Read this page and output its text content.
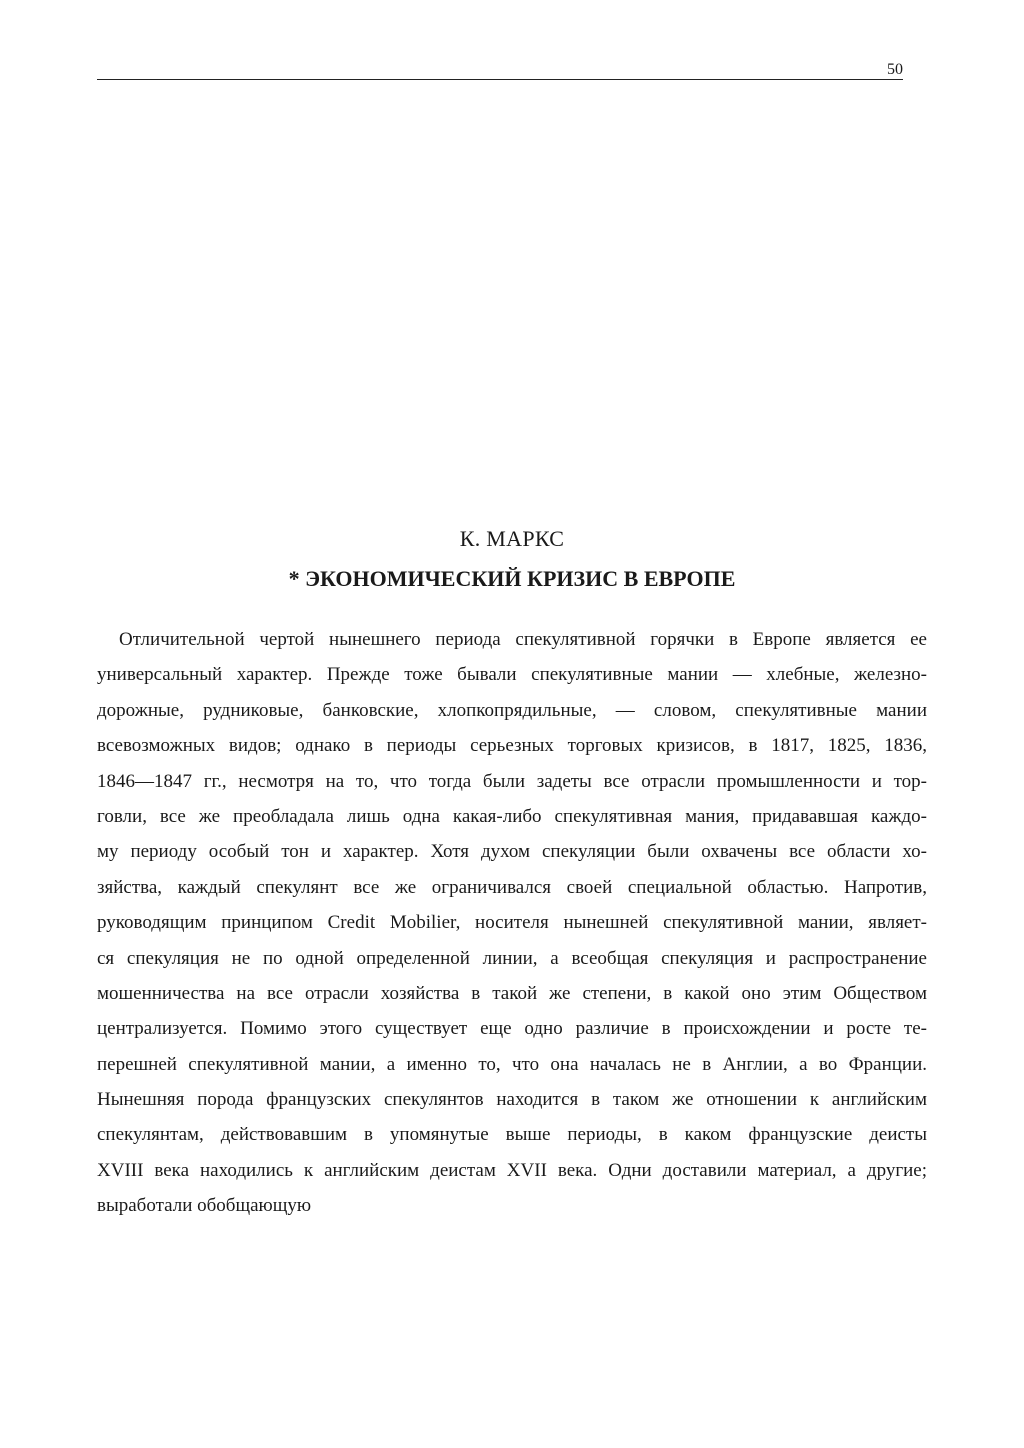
50
К. МАРКС
* ЭКОНОМИЧЕСКИЙ КРИЗИС В ЕВРОПЕ
Отличительной чертой нынешнего периода спекулятивной горячки в Европе является ее
универсальный характер. Прежде тоже бывали спекулятивные мании — хлебные, железно-
дорожные, рудниковые, банковские, хлопкопрядильные, — словом, спекулятивные мании
всевозможных видов; однако в периоды серьезных торговых кризисов, в 1817, 1825, 1836,
1846—1847 гг., несмотря на то, что тогда были задеты все отрасли промышленности и тор-
говли, все же преобладала лишь одна какая-либо спекулятивная мания, придававшая каждо-
му периоду особый тон и характер. Хотя духом спекуляции были охвачены все области хо-
зяйства, каждый спекулянт все же ограничивался своей специальной областью. Напротив,
руководящим принципом Credit Mobilier, носителя нынешней спекулятивной мании, являет-
ся спекуляция не по одной определенной линии, а всеобщая спекуляция и распространение
мошенничества на все отрасли хозяйства в такой же степени, в какой оно этим Обществом
централизуется. Помимо этого существует еще одно различие в происхождении и росте те-
перешней спекулятивной мании, а именно то, что она началась не в Англии, а во Франции.
Нынешняя порода французских спекулянтов находится в таком же отношении к английским
спекулянтам, действовавшим в упомянутые выше периоды, в каком французские деисты
XVIII века находились к английским деистам XVII века. Одни доставили материал, а другие;
выработали обобщающую
